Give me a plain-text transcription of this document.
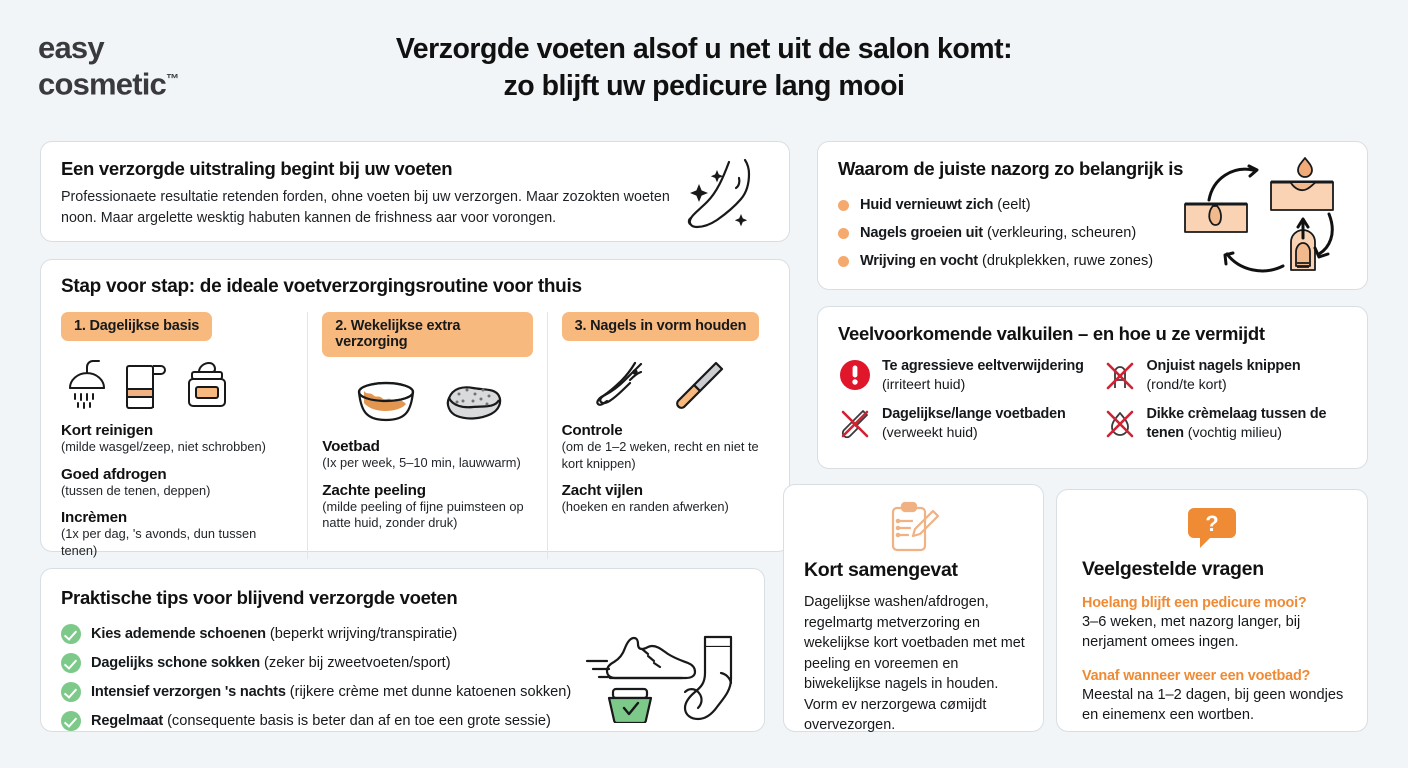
easy
cosmetic™
Verzorgde voeten alsof u net uit de salon komt:
zo blijft uw pedicure lang mooi
Een verzorgde uitstraling begint bij uw voeten
Professionaete resultatie retenden forden, ohne voeten bij uw verzorgen. Maar zozokten woeten noon. Maar argelette wesktig habuten kannen de frishness aar voor vorongen.
Stap voor stap: de ideale voetverzorgingsroutine voor thuis
1. Dagelijkse basis
Kort reinigen
(milde wasgel/zeep, niet schrobben)
Goed afdrogen
(tussen de tenen, deppen)
Incrèmen
(1x per dag, 's avonds, dun tussen tenen)
2. Wekelijkse extra verzorging
Voetbad
(Ix per week, 5–10 min, lauwwarm)
Zachte peeling
(milde peeling of fijne puimsteen op natte huid, zonder druk)
3. Nagels in vorm houden
Controle
(om de 1–2 weken, recht en niet te kort knippen)
Zacht vijlen
(hoeken en randen afwerken)
Praktische tips voor blijvend verzorgde voeten
Kies ademende schoenen (beperkt wrijving/transpiratie)
Dagelijks schone sokken (zeker bij zweetvoeten/sport)
Intensief verzorgen 's nachts (rijkere crème met dunne katoenen sokken)
Regelmaat (consequente basis is beter dan af en toe een grote sessie)
Waarom de juiste nazorg zo belangrijk is
Huid vernieuwt zich (eelt)
Nagels groeien uit (verkleuring, scheuren)
Wrijving en vocht (drukplekken, ruwe zones)
Veelvoorkomende valkuilen – en hoe u ze vermijdt
Te agressieve eeltverwijdering
(irriteert huid)
Onjuist nagels knippen
(rond/te kort)
Dagelijkse/lange voetbaden
(verweekt huid)
Dikke crèmelaag tussen de tenen (vochtig milieu)
Kort samengevat
Dagelijkse washen/afdrogen, regelmartg metverzoring en wekelijkse kort voetbaden met met peeling en voreemen en biwekelijkse nagels in houden. Vorm ev nerzorgewa cømijdt overvezorgen.
?
Veelgestelde vragen
Hoelang blijft een pedicure mooi?
3–6 weken, met nazorg langer, bij nerjament omees ingen.
Vanaf wanneer weer een voetbad?
Meestal na 1–2 dagen, bij geen wondjes en einemenx een wortben.
